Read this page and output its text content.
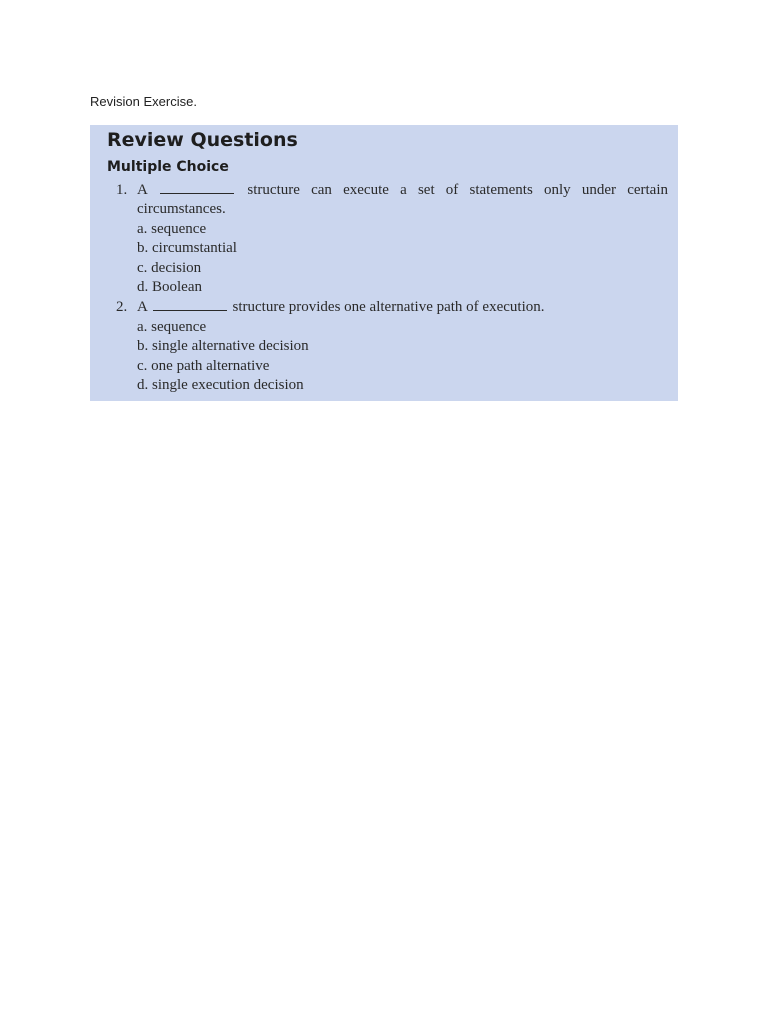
Revision Exercise.
Review Questions
Multiple Choice
1. A	structure can execute a set of statements only under certain
circumstances.
a. sequence
b. circumstantial
c. decision
d. Boolean
2. A	structure provides one alternative path of execution.
a. sequence
b. single alternative decision
c. one path alternative
d. single execution decision
